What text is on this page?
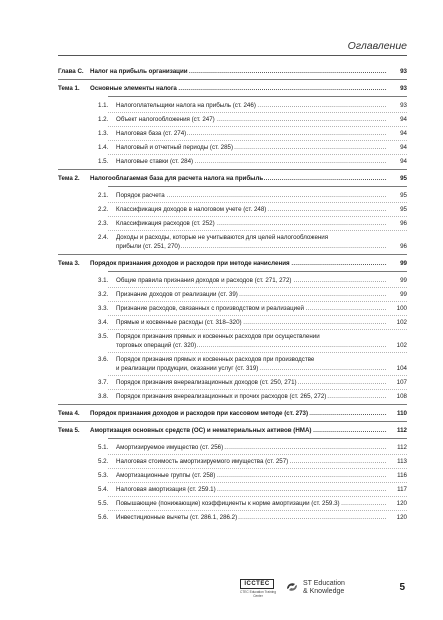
Оглавление
Глава C.	Налог на прибыль организации .....	93
Тема 1.	Основные элементы налога .....	93
1.1.	Налогоплательщики налога на прибыль (ст. 246) .....	93
1.2.	Объект налогообложения (ст. 247) .....	94
1.3.	Налоговая база (ст. 274) .....	94
1.4.	Налоговый и отчетный периоды (ст. 285) .....	94
1.5.	Налоговые ставки (ст. 284) .....	94
Тема 2.	Налогооблагаемая база для расчета налога на прибыль .....	95
2.1.	Порядок расчета .....	95
2.2.	Классификация доходов в налоговом учете (ст. 248) .....	95
2.3.	Классификация расходов (ст. 252) .....	96
2.4.	Доходы и расходы, которые не учитываются для целей налогообложения
прибыли (ст. 251, 270) .....	96
Тема 3.	Порядок признания доходов и расходов при методе начисления .....	99
3.1.	Общие правила признания доходов и расходов (ст. 271, 272) .....	99
3.2.	Признание доходов от реализации (ст. 39) .....	99
3.3.	Признание расходов, связанных с производством и реализацией .....	100
3.4.	Прямые и косвенные расходы (ст. 318–320) .....	102
3.5.	Порядок признания прямых и косвенных расходов при осуществлении
торговых операций (ст. 320) .....	102
3.6.	Порядок признания прямых и косвенных расходов при производстве
и реализации продукции, оказании услуг (ст. 319) .....	104
3.7.	Порядок признания внереализационных доходов (ст. 250, 271) .....	107
3.8.	Порядок признания внереализационных и прочих расходов (ст. 265, 272) .....	108
Тема 4.	Порядок признания доходов и расходов при кассовом методе (ст. 273) .....	110
Тема 5.	Амортизация основных средств (ОС) и нематериальных активов (НМА) .....	112
5.1.	Амортизируемое имущество (ст. 256) .....	112
5.2.	Налоговая стоимость амортизируемого имущества (ст. 257) .....	113
5.3.	Амортизационные группы (ст. 258) .....	116
5.4.	Налоговая амортизация (ст. 259.1) .....	117
5.5.	Повышающие (понижающие) коэффициенты к норме амортизации (ст. 259.3) .....	120
5.6.	Инвестиционные вычеты (ст. 286.1, 286.2) .....	120
ICCTEC
CTEC Education Training Center
ST Education
& Knowledge	5
